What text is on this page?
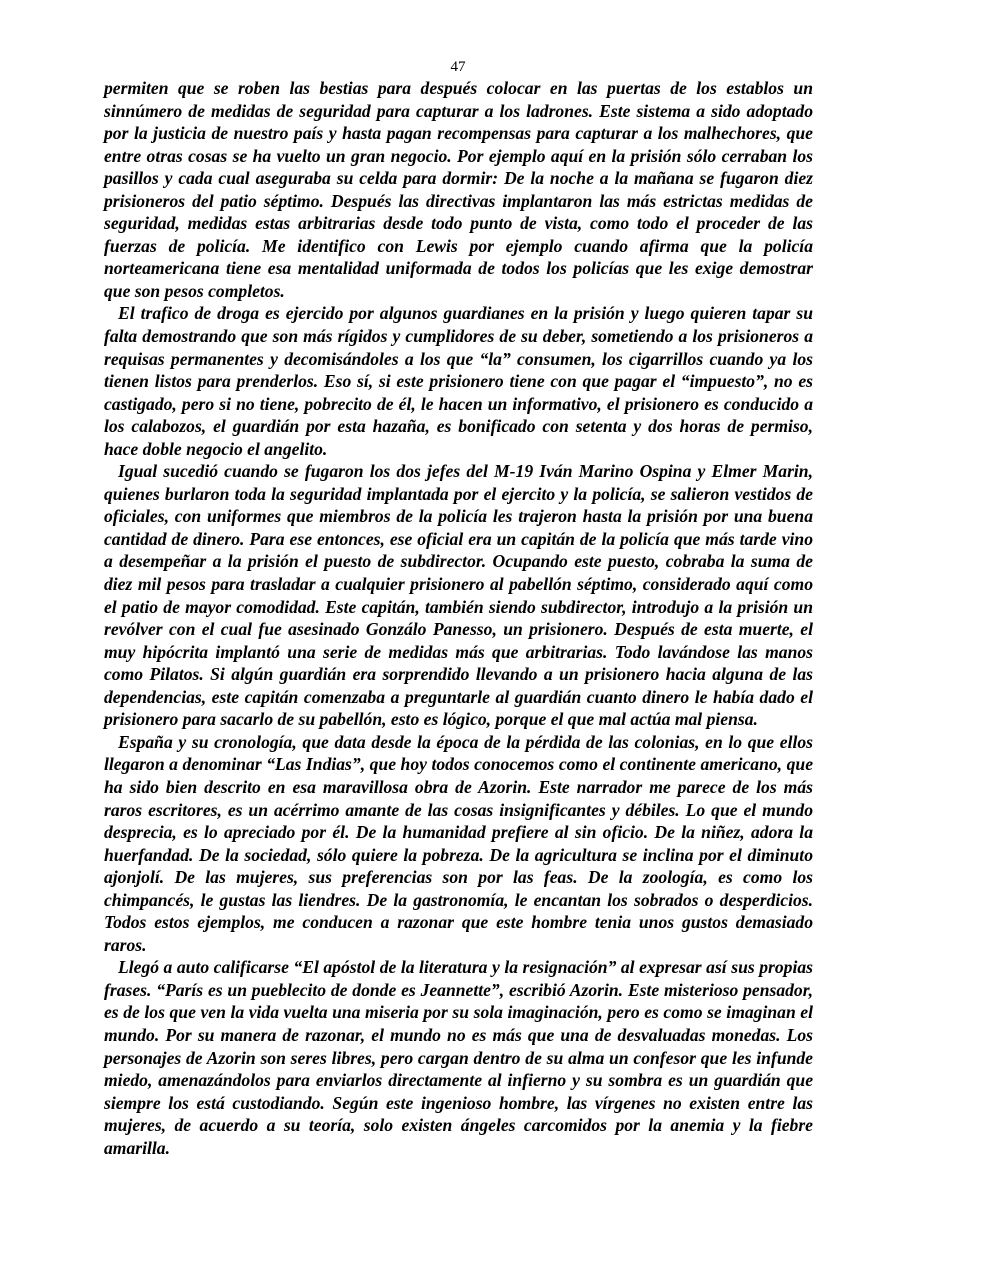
47

permiten que se roben las bestias para después colocar en las puertas de los establos un sinnúmero de medidas de seguridad para capturar a los ladrones. Este sistema a sido adoptado por la justicia de nuestro país y hasta pagan recompensas para capturar a los malhechores, que entre otras cosas se ha vuelto un gran negocio. Por ejemplo aquí en la prisión sólo cerraban los pasillos y cada cual aseguraba su celda para dormir: De la noche a la mañana se fugaron diez prisioneros del patio séptimo. Después las directivas implantaron las más estrictas medidas de seguridad, medidas estas arbitrarias desde todo punto de vista, como todo el proceder de las fuerzas de policía. Me identifico con Lewis por ejemplo cuando afirma que la policía norteamericana tiene esa mentalidad uniformada de todos los policías que les exige demostrar que son pesos completos.

El trafico de droga es ejercido por algunos guardianes en la prisión y luego quieren tapar su falta demostrando que son más rígidos y cumplidores de su deber, sometiendo a los prisioneros a requisas permanentes y decomisándoles a los que “la” consumen, los cigarrillos cuando ya los tienen listos para prenderlos. Eso sí, si este prisionero tiene con que pagar el “impuesto”, no es castigado, pero si no tiene, pobrecito de él, le hacen un informativo, el prisionero es conducido a los calabozos, el guardián por esta hazaña, es bonificado con setenta y dos horas de permiso, hace doble negocio el angelito.

Igual sucedió cuando se fugaron los dos jefes del M-19 Iván Marino Ospina y Elmer Marin, quienes burlaron toda la seguridad implantada por el ejercito y la policía, se salieron vestidos de oficiales, con uniformes que miembros de la policía les trajeron hasta la prisión por una buena cantidad de dinero. Para ese entonces, ese oficial era un capitán de la policía que más tarde vino a desempeñar a la prisión el puesto de subdirector. Ocupando este puesto, cobraba la suma de diez mil pesos para trasladar a cualquier prisionero al pabellón séptimo, considerado aquí como el patio de mayor comodidad. Este capitán, también siendo subdirector, introdujo a la prisión un revólver con el cual fue asesinado Gonzálo Panesso, un prisionero. Después de esta muerte, el muy hipócrita implantó una serie de medidas más que arbitrarias. Todo lavándose las manos como Pilatos. Si algún guardián era sorprendido llevando a un prisionero hacia alguna de las dependencias, este capitán comenzaba a preguntarle al guardián cuanto dinero le había dado el prisionero para sacarlo de su pabellón, esto es lógico, porque el que mal actúa mal piensa.

España y su cronología, que data desde la época de la pérdida de las colonias, en lo que ellos llegaron a denominar “Las Indias”, que hoy todos conocemos como el continente americano, que ha sido bien descrito en esa maravillosa obra de Azorin. Este narrador me parece de los más raros escritores, es un acérrimo amante de las cosas insignificantes y débiles. Lo que el mundo desprecia, es lo apreciado por él. De la humanidad prefiere al sin oficio. De la niñez, adora la huerfandad. De la sociedad, sólo quiere la pobreza. De la agricultura se inclina por el diminuto ajonjolí. De las mujeres, sus preferencias son por las feas. De la zoología, es como los chimpancés, le gustas las liendres. De la gastronomía, le encantan los sobrados o desperdicios. Todos estos ejemplos, me conducen a razonar que este hombre tenia unos gustos demasiado raros.

Llegó a auto calificarse “El apóstol de la literatura y la resignación” al expresar así sus propias frases. “París es un pueblecito de donde es Jeannette”, escribió Azorin. Este misterioso pensador, es de los que ven la vida vuelta una miseria por su sola imaginación, pero es como se imaginan el mundo. Por su manera de razonar, el mundo no es más que una de desvaluadas monedas. Los personajes de Azorin son seres libres, pero cargan dentro de su alma un confesor que les infunde miedo, amenazándolos para enviarlos directamente al infierno y su sombra es un guardián que siempre los está custodiando. Según este ingenioso hombre, las vírgenes no existen entre las mujeres, de acuerdo a su teoría, solo existen ángeles carcomidos por la anemia y la fiebre amarilla.
